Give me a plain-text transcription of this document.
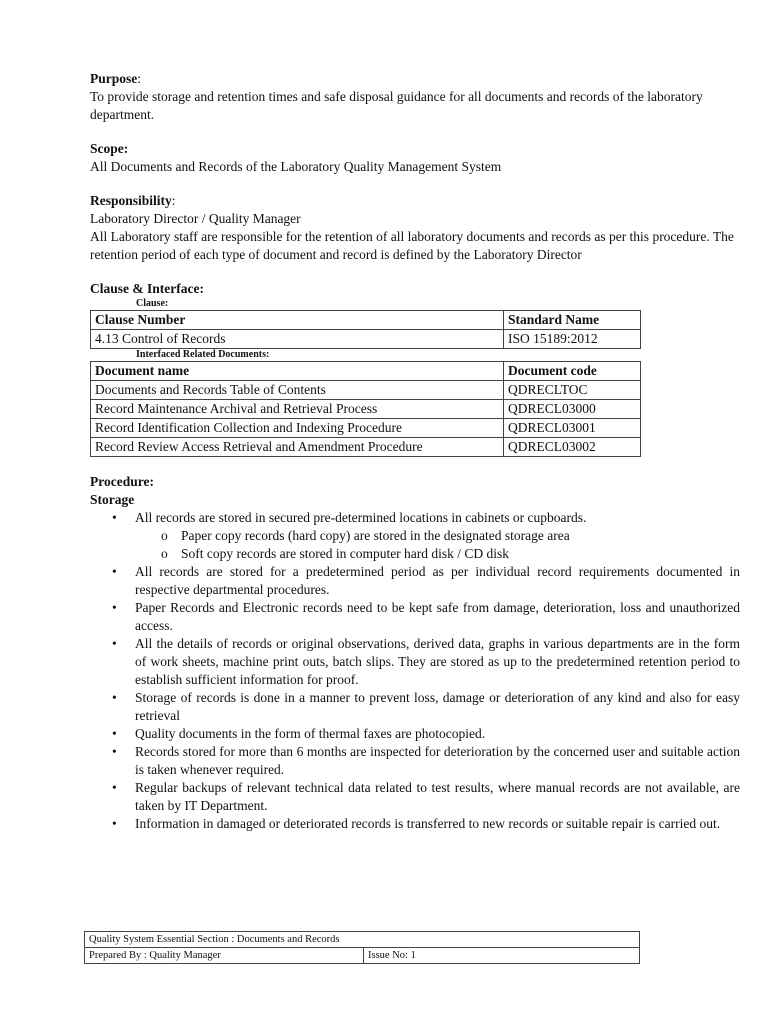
Purpose:

To provide storage and retention times and safe disposal guidance for all documents and records of the laboratory department.

Scope:

All Documents and Records of the Laboratory Quality Management System

Responsibility:

Laboratory Director / Quality Manager

All Laboratory staff are responsible for the retention of all laboratory documents and records as per this procedure. The retention period of each type of document and record is defined by the Laboratory Director

Clause & Interface:

Clause:

Clause Number	Standard Name
4.13 Control of Records	ISO 15189:2012

Interfaced Related Documents:

Document name	Document code
Documents and Records Table of Contents	QDRECLTOC
Record Maintenance Archival and Retrieval Process	QDRECL03000
Record Identification Collection and Indexing Procedure	QDRECL03001
Record Review Access Retrieval and Amendment Procedure	QDRECL03002

Procedure:

Storage

• All records are stored in secured pre-determined locations in cabinets or cupboards.
o Paper copy records (hard copy) are stored in the designated storage area
o Soft copy records are stored in computer hard disk / CD disk
• All records are stored for a predetermined period as per individual record requirements documented in respective departmental procedures.
• Paper Records and Electronic records need to be kept safe from damage, deterioration, loss and unauthorized access.
• All the details of records or original observations, derived data, graphs in various departments are in the form of work sheets, machine print outs, batch slips. They are stored as up to the predetermined retention period to establish sufficient information for proof.
• Storage of records is done in a manner to prevent loss, damage or deterioration of any kind and also for easy retrieval
• Quality documents in the form of thermal faxes are photocopied.
• Records stored for more than 6 months are inspected for deterioration by the concerned user and suitable action is taken whenever required.
• Regular backups of relevant technical data related to test results, where manual records are not available, are taken by IT Department.
• Information in damaged or deteriorated records is transferred to new records or suitable repair is carried out.
Quality System Essential Section : Documents and Records
Prepared By : Quality Manager	Issue No: 1
